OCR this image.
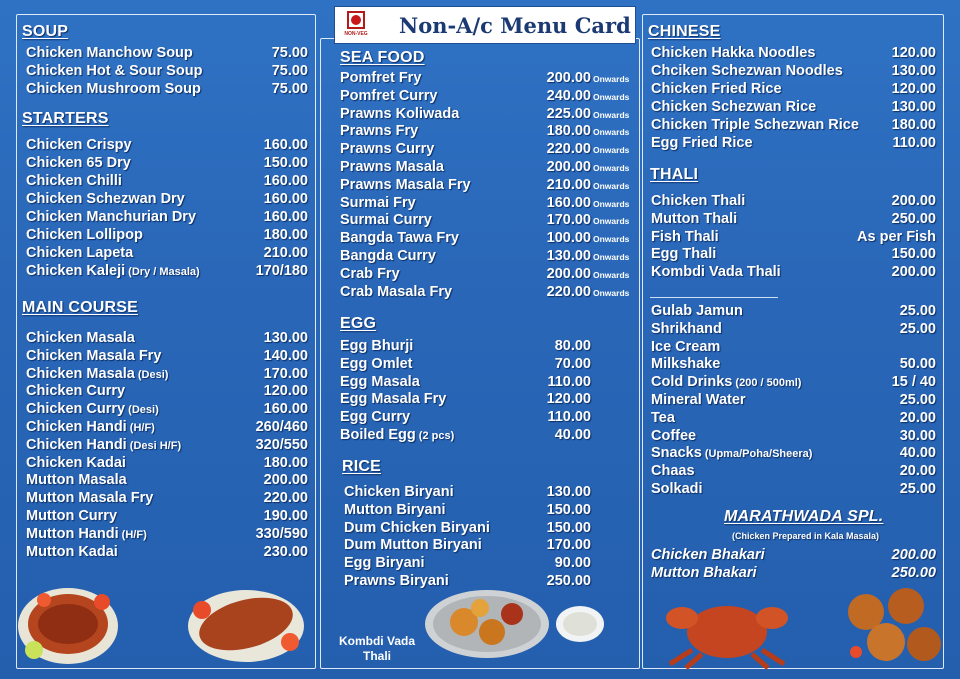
NON-VEG Non-A/c Menu Card
Kombdi Vada
Thali
SOUP
Chicken Manchow Soup	75.00
Chicken Hot & Sour Soup	75.00
Chicken Mushroom Soup	75.00
STARTERS
Chicken Crispy	160.00
Chicken 65 Dry	150.00
Chicken Chilli	160.00
Chicken Schezwan Dry	160.00
Chicken Manchurian Dry	160.00
Chicken Lollipop	180.00
Chicken Lapeta	210.00
Chicken Kaleji (Dry / Masala)	170/180
MAIN COURSE
Chicken Masala	130.00
Chicken Masala Fry	140.00
Chicken Masala (Desi)	170.00
Chicken Curry	120.00
Chicken Curry (Desi)	160.00
Chicken Handi (H/F)	260/460
Chicken Handi (Desi H/F)	320/550
Chicken Kadai	180.00
Mutton Masala	200.00
Mutton Masala Fry	220.00
Mutton Curry	190.00
Mutton Handi (H/F)	330/590
Mutton Kadai	230.00
SEA FOOD
Pomfret Fry	200.00 Onwards
Pomfret Curry	240.00 Onwards
Prawns Koliwada	225.00 Onwards
Prawns Fry	180.00 Onwards
Prawns Curry	220.00 Onwards
Prawns Masala	200.00 Onwards
Prawns Masala Fry	210.00 Onwards
Surmai Fry	160.00 Onwards
Surmai Curry	170.00 Onwards
Bangda Tawa Fry	100.00 Onwards
Bangda Curry	130.00 Onwards
Crab Fry	200.00 Onwards
Crab Masala Fry	220.00 Onwards
EGG
Egg Bhurji	80.00
Egg Omlet	70.00
Egg Masala	110.00
Egg Masala Fry	120.00
Egg Curry	110.00
Boiled Egg (2 pcs)	40.00
RICE
Chicken Biryani	130.00
Mutton Biryani	150.00
Dum Chicken Biryani	150.00
Dum Mutton Biryani	170.00
Egg Biryani	90.00
Prawns Biryani	250.00
CHINESE
Chicken Hakka Noodles	120.00
Chciken Schezwan Noodles	130.00
Chicken Fried Rice	120.00
Chicken Schezwan Rice	130.00
Chicken Triple Schezwan Rice 180.00
Egg Fried Rice	110.00
THALI
Chicken Thali	200.00
Mutton Thali	250.00
Fish Thali	As per Fish
Egg Thali	150.00
Kombdi Vada Thali	200.00
Gulab Jamun	25.00
Shrikhand	25.00
Ice Cream
Milkshake	50.00
Cold Drinks (200 / 500ml)	15 / 40
Mineral Water	25.00
Tea	20.00
Coffee	30.00
Snacks (Upma/Poha/Sheera)	40.00
Chaas	20.00
Solkadi	25.00
MARATHWADA SPL.
(Chicken Prepared in Kala Masala)
Chicken Bhakari	200.00
Mutton Bhakari	250.00
